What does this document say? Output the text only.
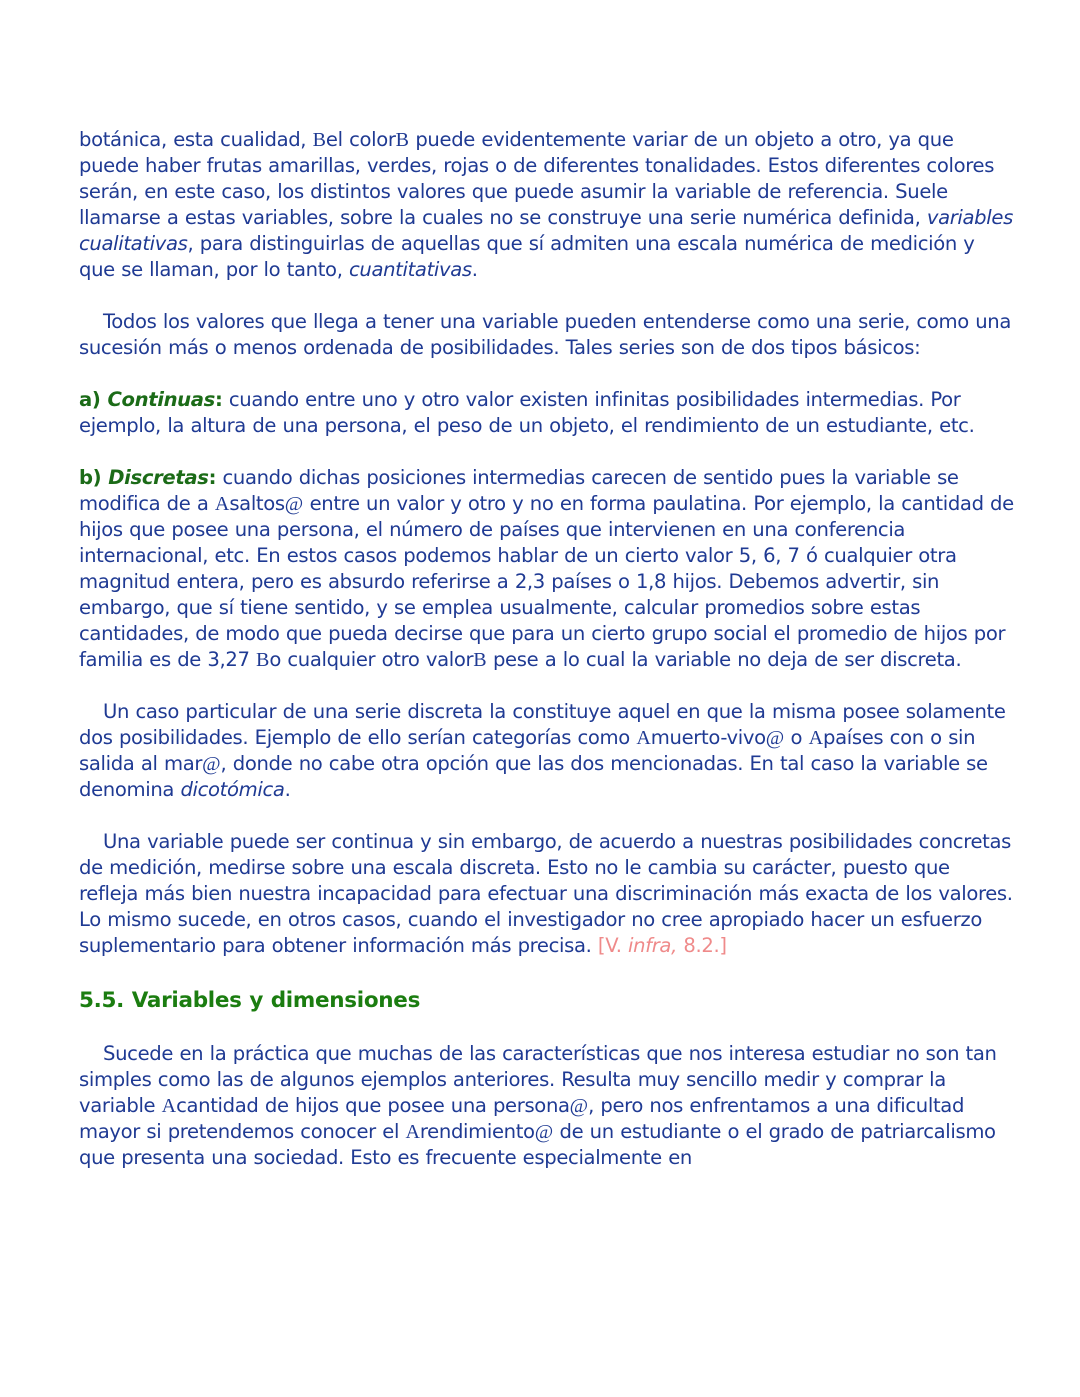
botánica, esta cualidad, Bel colorB puede evidentemente variar de un objeto a otro, ya que puede haber frutas amarillas, verdes, rojas o de diferentes tonalidades. Estos diferentes colores serán, en este caso, los distintos valores que puede asumir la variable de referencia. Suele llamarse a estas variables, sobre la cuales no se construye una serie numérica definida, variables cualitativas, para distinguirlas de aquellas que sí admiten una escala numérica de medición y que se llaman, por lo tanto, cuantitativas.

Todos los valores que llega a tener una variable pueden entenderse como una serie, como una sucesión más o menos ordenada de posibilidades. Tales series son de dos tipos básicos:

a) Continuas: cuando entre uno y otro valor existen infinitas posibilidades intermedias. Por ejemplo, la altura de una persona, el peso de un objeto, el rendimiento de un estudiante, etc.

b) Discretas: cuando dichas posiciones intermedias carecen de sentido pues la variable se modifica de a Asaltos@ entre un valor y otro y no en forma paulatina. Por ejemplo, la cantidad de hijos que posee una persona, el número de países que intervienen en una conferencia internacional, etc. En estos casos podemos hablar de un cierto valor 5, 6, 7 ó cualquier otra magnitud entera, pero es absurdo referirse a 2,3 países o 1,8 hijos. Debemos advertir, sin embargo, que sí tiene sentido, y se emplea usualmente, calcular promedios sobre estas cantidades, de modo que pueda decirse que para un cierto grupo social el promedio de hijos por familia es de 3,27 Bo cualquier otro valorB pese a lo cual la variable no deja de ser discreta.

Un caso particular de una serie discreta la constituye aquel en que la misma posee solamente dos posibilidades. Ejemplo de ello serían categorías como Amuerto-vivo@ o Apaíses con o sin salida al mar@, donde no cabe otra opción que las dos mencionadas. En tal caso la variable se denomina dicotómica.

Una variable puede ser continua y sin embargo, de acuerdo a nuestras posibilidades concretas de medición, medirse sobre una escala discreta. Esto no le cambia su carácter, puesto que refleja más bien nuestra incapacidad para efectuar una discriminación más exacta de los valores. Lo mismo sucede, en otros casos, cuando el investigador no cree apropiado hacer un esfuerzo suplementario para obtener información más precisa. [V. infra, 8.2.]

5.5. Variables y dimensiones

Sucede en la práctica que muchas de las características que nos interesa estudiar no son tan simples como las de algunos ejemplos anteriores. Resulta muy sencillo medir y comprar la variable Acantidad de hijos que posee una persona@, pero nos enfrentamos a una dificultad mayor si pretendemos conocer el Arendimiento@ de un estudiante o el grado de patriarcalismo que presenta una sociedad. Esto es frecuente especialmente en
